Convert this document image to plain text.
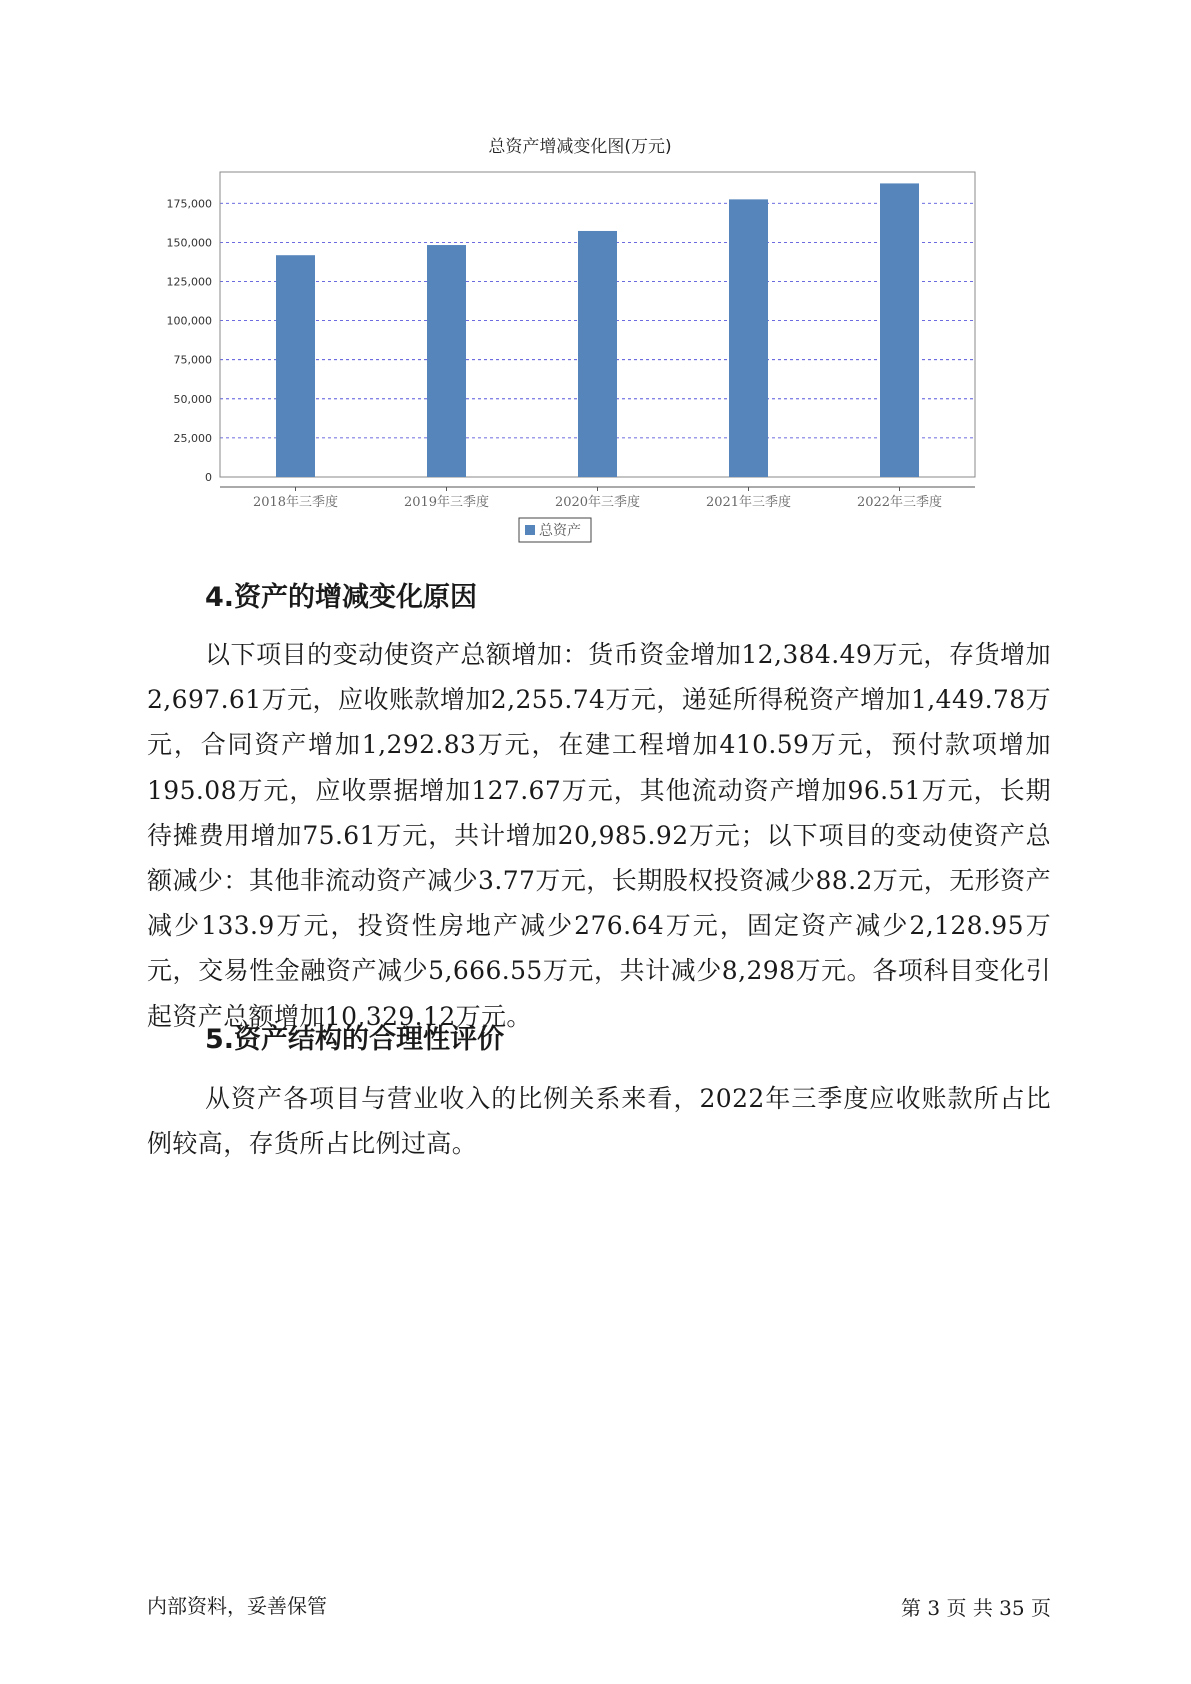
总资产增减变化图(万元)
0
25,000
50,000
75,000
100,000
125,000
150,000
175,000
2018年三季度	2019年三季度	2020年三季度	2021年三季度	2022年三季度
总资产
4.资产的增减变化原因

以下项目的变动使资产总额增加：货币资金增加12,384.49万元，存货增加2,697.61万元，应收账款增加2,255.74万元，递延所得税资产增加1,449.78万元，合同资产增加1,292.83万元，在建工程增加410.59万元，预付款项增加195.08万元，应收票据增加127.67万元，其他流动资产增加96.51万元，长期待摊费用增加75.61万元，共计增加20,985.92万元；以下项目的变动使资产总额减少：其他非流动资产减少3.77万元，长期股权投资减少88.2万元，无形资产减少133.9万元，投资性房地产减少276.64万元，固定资产减少2,128.95万元，交易性金融资产减少5,666.55万元，共计减少8,298万元。各项科目变化引起资产总额增加10,329.12万元。

5.资产结构的合理性评价

从资产各项目与营业收入的比例关系来看，2022年三季度应收账款所占比例较高，存货所占比例过高。

内部资料，妥善保管	第 3 页 共 35 页
